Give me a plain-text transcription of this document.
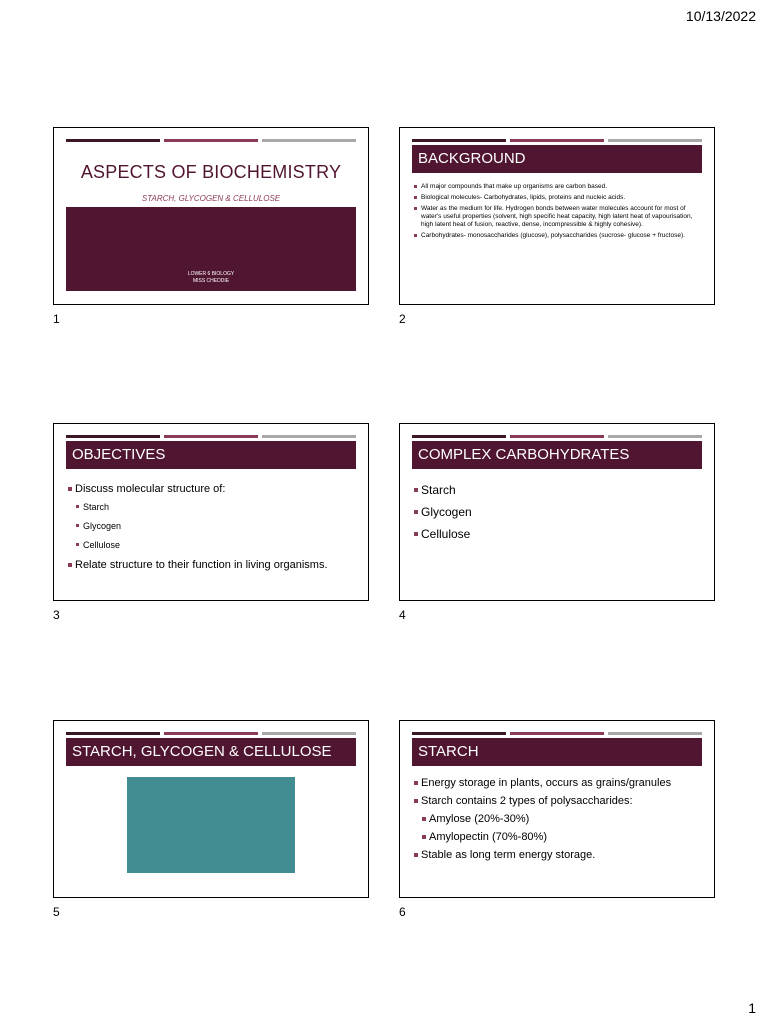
10/13/2022
ASPECTS OF BIOCHEMISTRY
STARCH, GLYCOGEN & CELLULOSE
LOWER 6 BIOLOGY
MISS CHEDDIE
1
BACKGROUND
All major compounds that make up organisms are carbon based.
Biological molecules- Carbohydrates, lipids, proteins and nucleic acids.
Water as the medium for life. Hydrogen bonds between water molecules account for most of water's useful properties (solvent, high specific heat capacity, high latent heat of vapourisation, high latent heat of fusion, reactive, dense, incompressible & highly cohesive).
Carbohydrates- monosaccharides (glucose), polysaccharides (sucrose- glucose + fructose).
2
OBJECTIVES
Discuss molecular structure of:
Starch
Glycogen
Cellulose
Relate structure to their function in living organisms.
3
COMPLEX CARBOHYDRATES
Starch
Glycogen
Cellulose
4
STARCH, GLYCOGEN & CELLULOSE
5
STARCH
Energy storage in plants, occurs as grains/granules
Starch contains 2 types of polysaccharides:
Amylose (20%-30%)
Amylopectin (70%-80%)
Stable as long term energy storage.
6
1
